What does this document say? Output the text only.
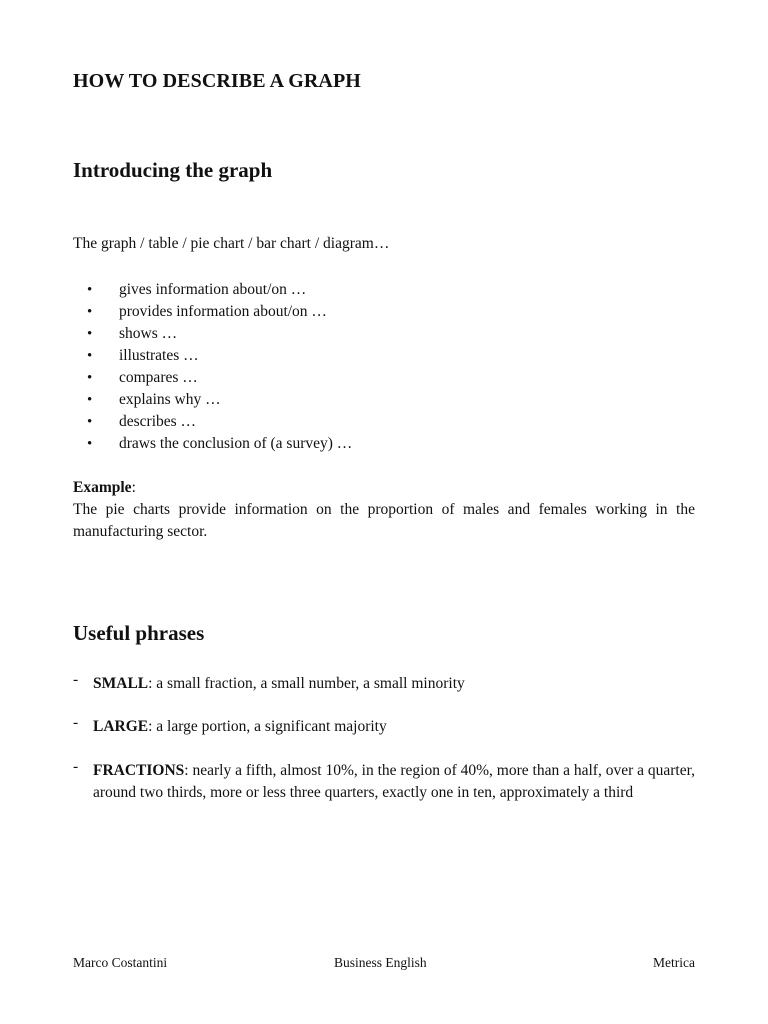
HOW TO DESCRIBE A GRAPH
Introducing the graph
The graph / table / pie chart / bar chart / diagram…
• gives information about/on …
• provides information about/on …
• shows …
• illustrates …
• compares …
• explains why …
• describes …
• draws the conclusion of (a survey) …
Example:
The pie charts provide information on the proportion of males and females working in the manufacturing sector.
Useful phrases
- SMALL: a small fraction, a small number, a small minority
- LARGE: a large portion, a significant majority
- FRACTIONS: nearly a fifth, almost 10%, in the region of 40%, more than a half, over a quarter, around two thirds, more or less three quarters, exactly one in ten, approximately a third
Marco Costantini	Business English	Metrica
